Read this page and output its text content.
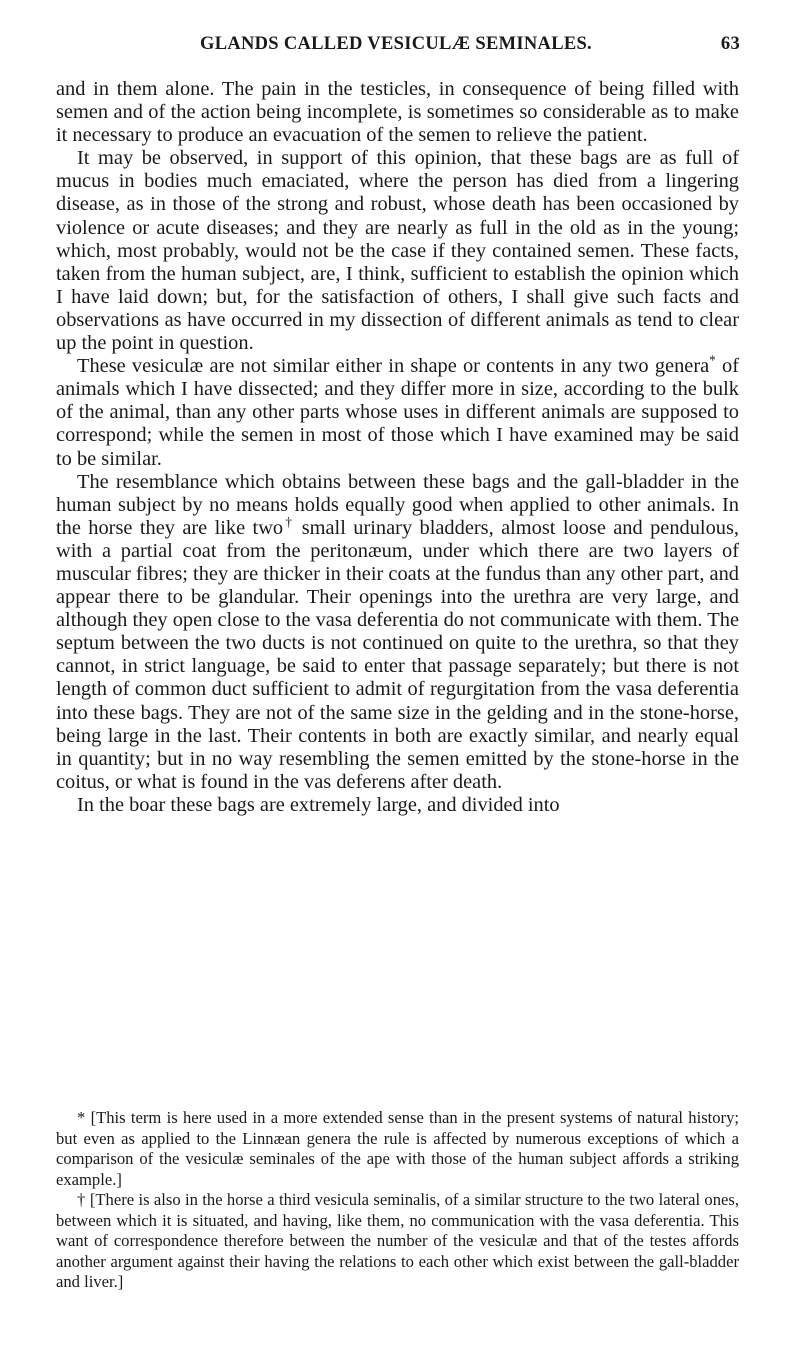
GLANDS CALLED VESICULÆ SEMINALES.	63

and in them alone. The pain in the testicles, in consequence of being filled with semen and of the action being incomplete, is sometimes so considerable as to make it necessary to produce an evacuation of the semen to relieve the patient.

It may be observed, in support of this opinion, that these bags are as full of mucus in bodies much emaciated, where the person has died from a lingering disease, as in those of the strong and robust, whose death has been occasioned by violence or acute diseases; and they are nearly as full in the old as in the young; which, most probably, would not be the case if they contained semen. These facts, taken from the human subject, are, I think, sufficient to establish the opinion which I have laid down; but, for the satisfaction of others, I shall give such facts and observations as have occurred in my dissection of different animals as tend to clear up the point in question.

These vesiculæ are not similar either in shape or contents in any two genera* of animals which I have dissected; and they differ more in size, according to the bulk of the animal, than any other parts whose uses in different animals are supposed to correspond; while the semen in most of those which I have examined may be said to be similar.

The resemblance which obtains between these bags and the gall-bladder in the human subject by no means holds equally good when applied to other animals. In the horse they are like two† small urinary bladders, almost loose and pendulous, with a partial coat from the peritonæum, under which there are two layers of muscular fibres; they are thicker in their coats at the fundus than any other part, and appear there to be glandular. Their openings into the urethra are very large, and although they open close to the vasa deferentia do not communicate with them. The septum between the two ducts is not continued on quite to the urethra, so that they cannot, in strict language, be said to enter that passage separately; but there is not length of common duct sufficient to admit of regurgitation from the vasa deferentia into these bags. They are not of the same size in the gelding and in the stone-horse, being large in the last. Their contents in both are exactly similar, and nearly equal in quantity; but in no way resembling the semen emitted by the stone-horse in the coitus, or what is found in the vas deferens after death.

In the boar these bags are extremely large, and divided into

* [This term is here used in a more extended sense than in the present systems of natural history; but even as applied to the Linnæan genera the rule is affected by numerous exceptions of which a comparison of the vesiculæ seminales of the ape with those of the human subject affords a striking example.]

† [There is also in the horse a third vesicula seminalis, of a similar structure to the two lateral ones, between which it is situated, and having, like them, no communication with the vasa deferentia. This want of correspondence therefore between the number of the vesiculæ and that of the testes affords another argument against their having the relations to each other which exist between the gall-bladder and liver.]
